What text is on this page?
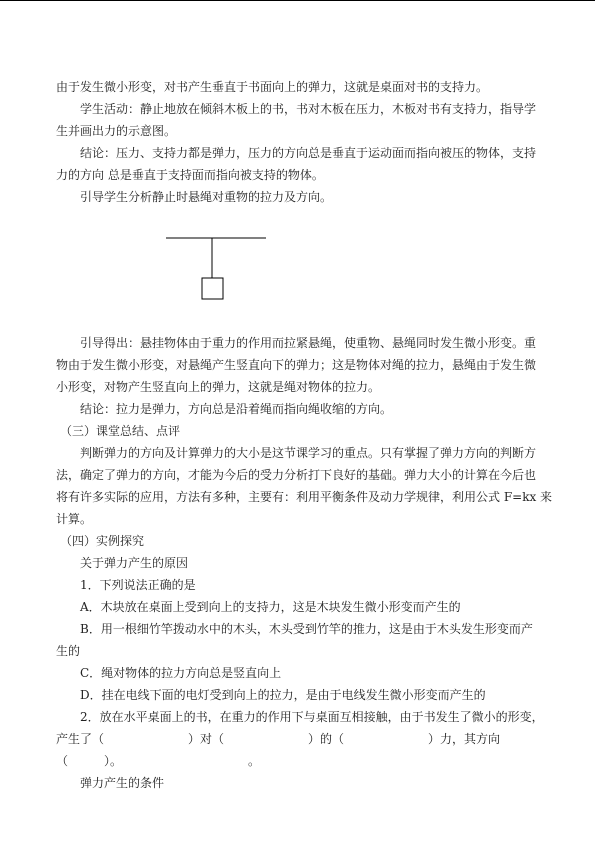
由于发生微小形变，对书产生垂直于书面向上的弹力，这就是桌面对书的支持力。

学生活动：静止地放在倾斜木板上的书，书对木板在压力，木板对书有支持力，指导学

生并画出力的示意图。

结论：压力、支持力都是弹力，压力的方向总是垂直于运动面而指向被压的物体，支持

力的方向 总是垂直于支持面而指向被支持的物体。

引导学生分析静止时悬绳对重物的拉力及方向。

引导得出：悬挂物体由于重力的作用而拉紧悬绳，使重物、悬绳同时发生微小形变。重

物由于发生微小形变，对悬绳产生竖直向下的弹力；这是物体对绳的拉力，悬绳由于发生微

小形变，对物产生竖直向上的弹力，这就是绳对物体的拉力。

结论：拉力是弹力，方向总是沿着绳而指向绳收缩的方向。

（三）课堂总结、点评

判断弹力的方向及计算弹力的大小是这节课学习的重点。只有掌握了弹力方向的判断方

法，确定了弹力的方向，才能为今后的受力分析打下良好的基础。弹力大小的计算在今后也

将有许多实际的应用，方法有多种，主要有：利用平衡条件及动力学规律，利用公式 F=kx 来

计算。

（四）实例探究

关于弹力产生的原因

1．下列说法正确的是

A．木块放在桌面上受到向上的支持力，这是木块发生微小形变而产生的

B．用一根细竹竿拨动水中的木头，木头受到竹竿的推力，这是由于木头发生形变而产

生的

C．绳对物体的拉力方向总是竖直向上

D．挂在电线下面的电灯受到向上的拉力，是由于电线发生微小形变而产生的

2．放在水平桌面上的书，在重力的作用下与桌面互相接触，由于书发生了微小的形变，

产生了（　　　　　　　）对（　　　　　　　）的（　　　　　　　）力，其方向

（　　　）。　　　　　　　　　　　。

弹力产生的条件
